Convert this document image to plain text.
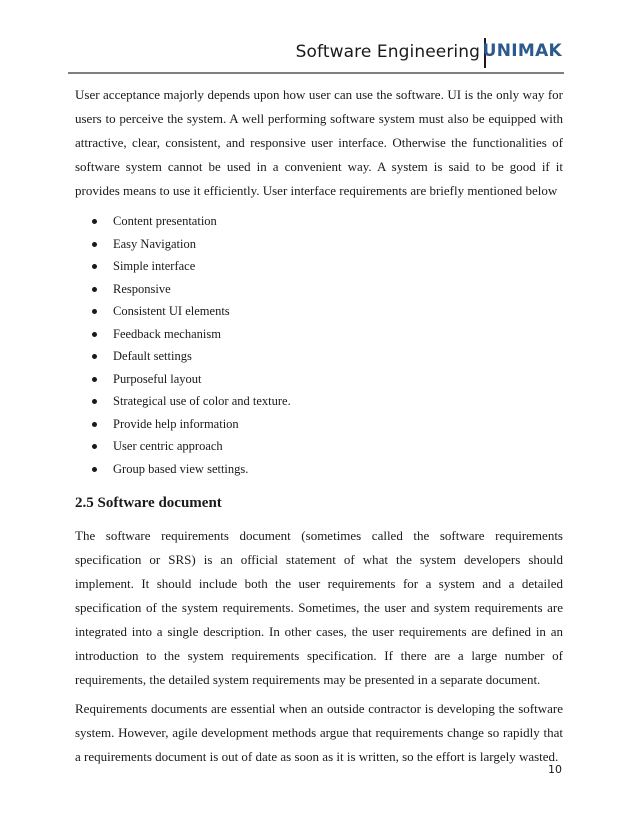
Software Engineering UNIMAK

User acceptance majorly depends upon how user can use the software. UI is the only way for users to perceive the system. A well performing software system must also be equipped with attractive, clear, consistent, and responsive user interface. Otherwise the functionalities of software system cannot be used in a convenient way. A system is said to be good if it provides means to use it efficiently. User interface requirements are briefly mentioned below

Content presentation
Easy Navigation
Simple interface
Responsive
Consistent UI elements
Feedback mechanism
Default settings
Purposeful layout
Strategical use of color and texture.
Provide help information
User centric approach
Group based view settings.
2.5 Software document

The software requirements document (sometimes called the software requirements specification or SRS) is an official statement of what the system developers should implement. It should include both the user requirements for a system and a detailed specification of the system requirements. Sometimes, the user and system requirements are integrated into a single description. In other cases, the user requirements are defined in an introduction to the system requirements specification. If there are a large number of requirements, the detailed system requirements may be presented in a separate document.

Requirements documents are essential when an outside contractor is developing the software system. However, agile development methods argue that requirements change so rapidly that a requirements document is out of date as soon as it is written, so the effort is largely wasted.

10
